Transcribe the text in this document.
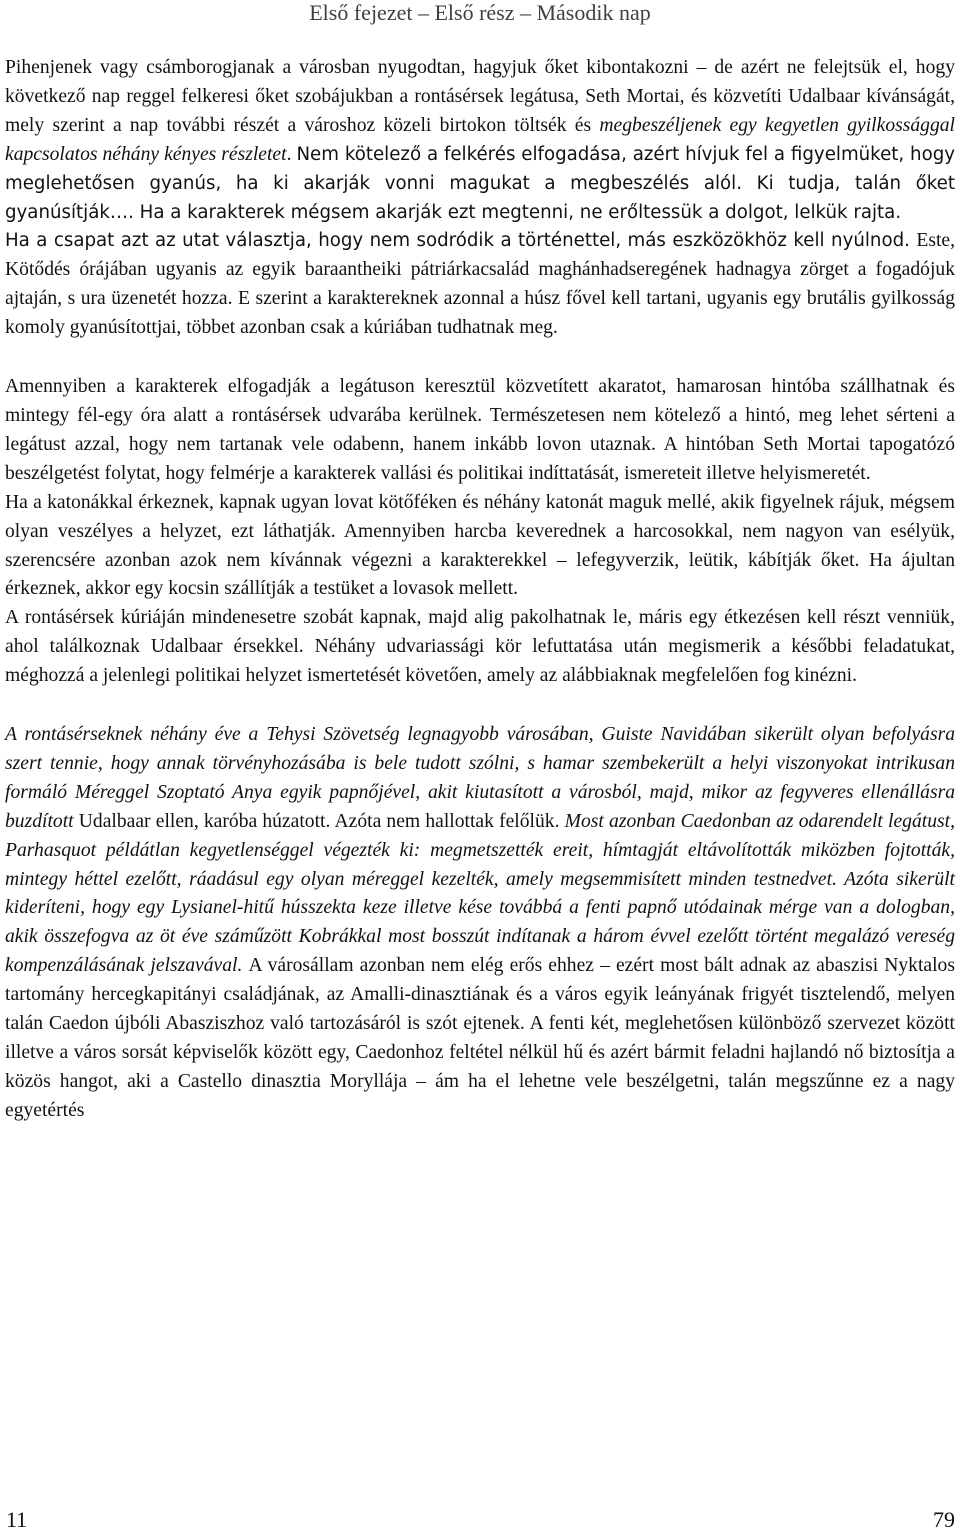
Első fejezet – Első rész – Második nap

Pihenjenek vagy csámborogjanak a városban nyugodtan, hagyjuk őket kibontakozni – de azért ne felejtsük el, hogy következő nap reggel felkeresi őket szobájukban a rontásérsek legátusa, Seth Mortai, és közvetíti Udalbaar kívánságát, mely szerint a nap további részét a városhoz közeli birtokon töltsék és megbeszéljenek egy kegyetlen gyilkossággal kapcsolatos néhány kényes részletet. Nem kötelező a felkérés elfogadása, azért hívjuk fel a figyelmüket, hogy meglehetősen gyanús, ha ki akarják vonni magukat a megbeszélés alól. Ki tudja, talán őket gyanúsítják…. Ha a karakterek mégsem akarják ezt megtenni, ne erőltessük a dolgot, lelkük rajta.

Ha a csapat azt az utat választja, hogy nem sodródik a történettel, más eszközökhöz kell nyúlnod. Este, Kötődés órájában ugyanis az egyik baraantheiki pátriárkacsalád maghánhadseregének hadnagya zörget a fogadójuk ajtaján, s ura üzenetét hozza. E szerint a karaktereknek azonnal a húsz fővel kell tartani, ugyanis egy brutális gyilkosság komoly gyanúsítottjai, többet azonban csak a kúriában tudhatnak meg.

Amennyiben a karakterek elfogadják a legátuson keresztül közvetített akaratot, hamarosan hintóba szállhatnak és mintegy fél-egy óra alatt a rontásérsek udvarába kerülnek. Természetesen nem kötelező a hintó, meg lehet sérteni a legátust azzal, hogy nem tartanak vele odabenn, hanem inkább lovon utaznak. A hintóban Seth Mortai tapogatózó beszélgetést folytat, hogy felmérje a karakterek vallási és politikai indíttatását, ismereteit illetve helyismeretét.

Ha a katonákkal érkeznek, kapnak ugyan lovat kötőféken és néhány katonát maguk mellé, akik figyelnek rájuk, mégsem olyan veszélyes a helyzet, ezt láthatják. Amennyiben harcba keverednek a harcosokkal, nem nagyon van esélyük, szerencsére azonban azok nem kívánnak végezni a karakterekkel – lefegyverzik, leütik, kábítják őket. Ha ájultan érkeznek, akkor egy kocsin szállítják a testüket a lovasok mellett.

A rontásérsek kúriáján mindenesetre szobát kapnak, majd alig pakolhatnak le, máris egy étkezésen kell részt venniük, ahol találkoznak Udalbaar érsekkel. Néhány udvariassági kör lefuttatása után megismerik a későbbi feladatukat, méghozzá a jelenlegi politikai helyzet ismertetését követően, amely az alábbiaknak megfelelően fog kinézni.

A rontásérseknek néhány éve a Tehysi Szövetség legnagyobb városában, Guiste Navidában sikerült olyan befolyásra szert tennie, hogy annak törvényhozásába is bele tudott szólni, s hamar szembekerült a helyi viszonyokat intrikusan formáló Méreggel Szoptató Anya egyik papnőjével, akit kiutasított a városból, majd, mikor az fegyveres ellenállásra buzdított Udalbaar ellen, karóba húzatott. Azóta nem hallottak felőlük. Most azonban Caedonban az odarendelt legátust, Parhasquot példátlan kegyetlenséggel végezték ki: megmetszették ereit, hímtagját eltávolították miközben fojtották, mintegy héttel ezelőtt, ráadásul egy olyan méreggel kezelték, amely megsemmisített minden testnedvet. Azóta sikerült kideríteni, hogy egy Lysianel-hitű hússzekta keze illetve kése továbbá a fenti papnő utódainak mérge van a dologban, akik összefogva az öt éve száműzött Kobrákkal most bosszút indítanak a három évvel ezelőtt történt megalázó vereség kompenzálásának jelszavával. A városállam azonban nem elég erős ehhez – ezért most bált adnak az abaszisi Nyktalos tartomány hercegkapitányi családjának, az Amalli-dinasztiának és a város egyik leányának frigyét tisztelendő, melyen talán Caedon újbóli Abasziszhoz való tartozásáról is szót ejtenek. A fenti két, meglehetősen különböző szervezet között illetve a város sorsát képviselők között egy, Caedonhoz feltétel nélkül hű és azért bármit feladni hajlandó nő biztosítja a közös hangot, aki a Castello dinasztia Moryllája – ám ha el lehetne vele beszélgetni, talán megszűnne ez a nagy egyetértés

11	79
